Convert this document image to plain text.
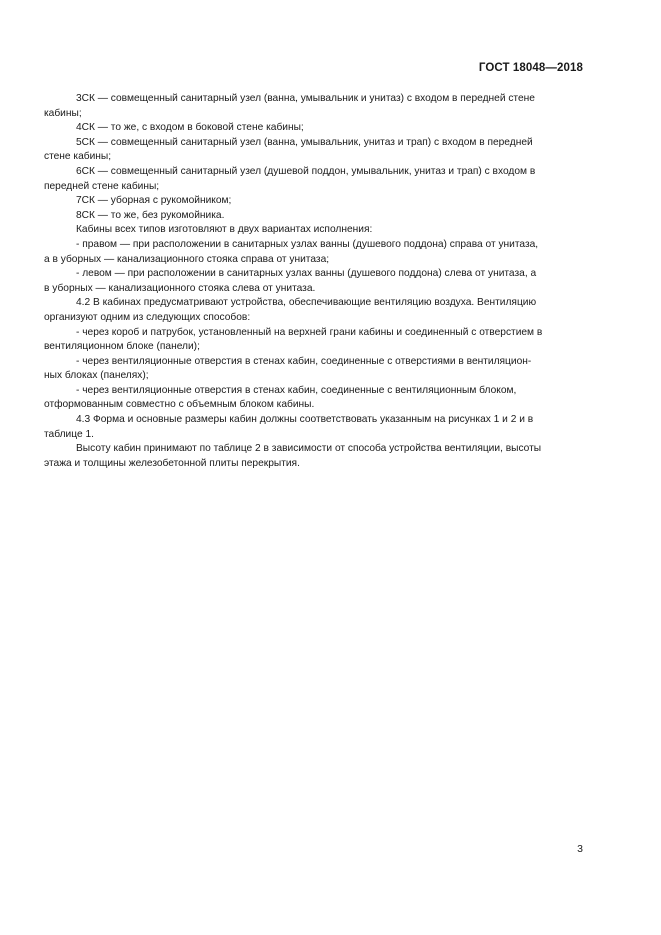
ГОСТ 18048—2018
3СК — совмещенный санитарный узел (ванна, умывальник и унитаз) с входом в передней стене
кабины;
4СК — то же, с входом в боковой стене кабины;
5СК — совмещенный санитарный узел (ванна, умывальник, унитаз и трап) с входом в передней
стене кабины;
6СК — совмещенный санитарный узел (душевой поддон, умывальник, унитаз и трап) с входом в
передней стене кабины;
7СК — уборная с рукомойником;
8СК — то же, без рукомойника.
Кабины всех типов изготовляют в двух вариантах исполнения:
- правом — при расположении в санитарных узлах ванны (душевого поддона) справа от унитаза,
а в уборных — канализационного стояка справа от унитаза;
- левом — при расположении в санитарных узлах ванны (душевого поддона) слева от унитаза, а
в уборных — канализационного стояка слева от унитаза.
4.2 В кабинах предусматривают устройства, обеспечивающие вентиляцию воздуха. Вентиляцию
организуют одним из следующих способов:
- через короб и патрубок, установленный на верхней грани кабины и соединенный с отверстием в
вентиляционном блоке (панели);
- через вентиляционные отверстия в стенах кабин, соединенные с отверстиями в вентиляцион-
ных блоках (панелях);
- через вентиляционные отверстия в стенах кабин, соединенные с вентиляционным блоком,
отформованным совместно с объемным блоком кабины.
4.3 Форма и основные размеры кабин должны соответствовать указанным на рисунках 1 и 2 и в
таблице 1.
Высоту кабин принимают по таблице 2 в зависимости от способа устройства вентиляции, высоты
этажа и толщины железобетонной плиты перекрытия.
3
